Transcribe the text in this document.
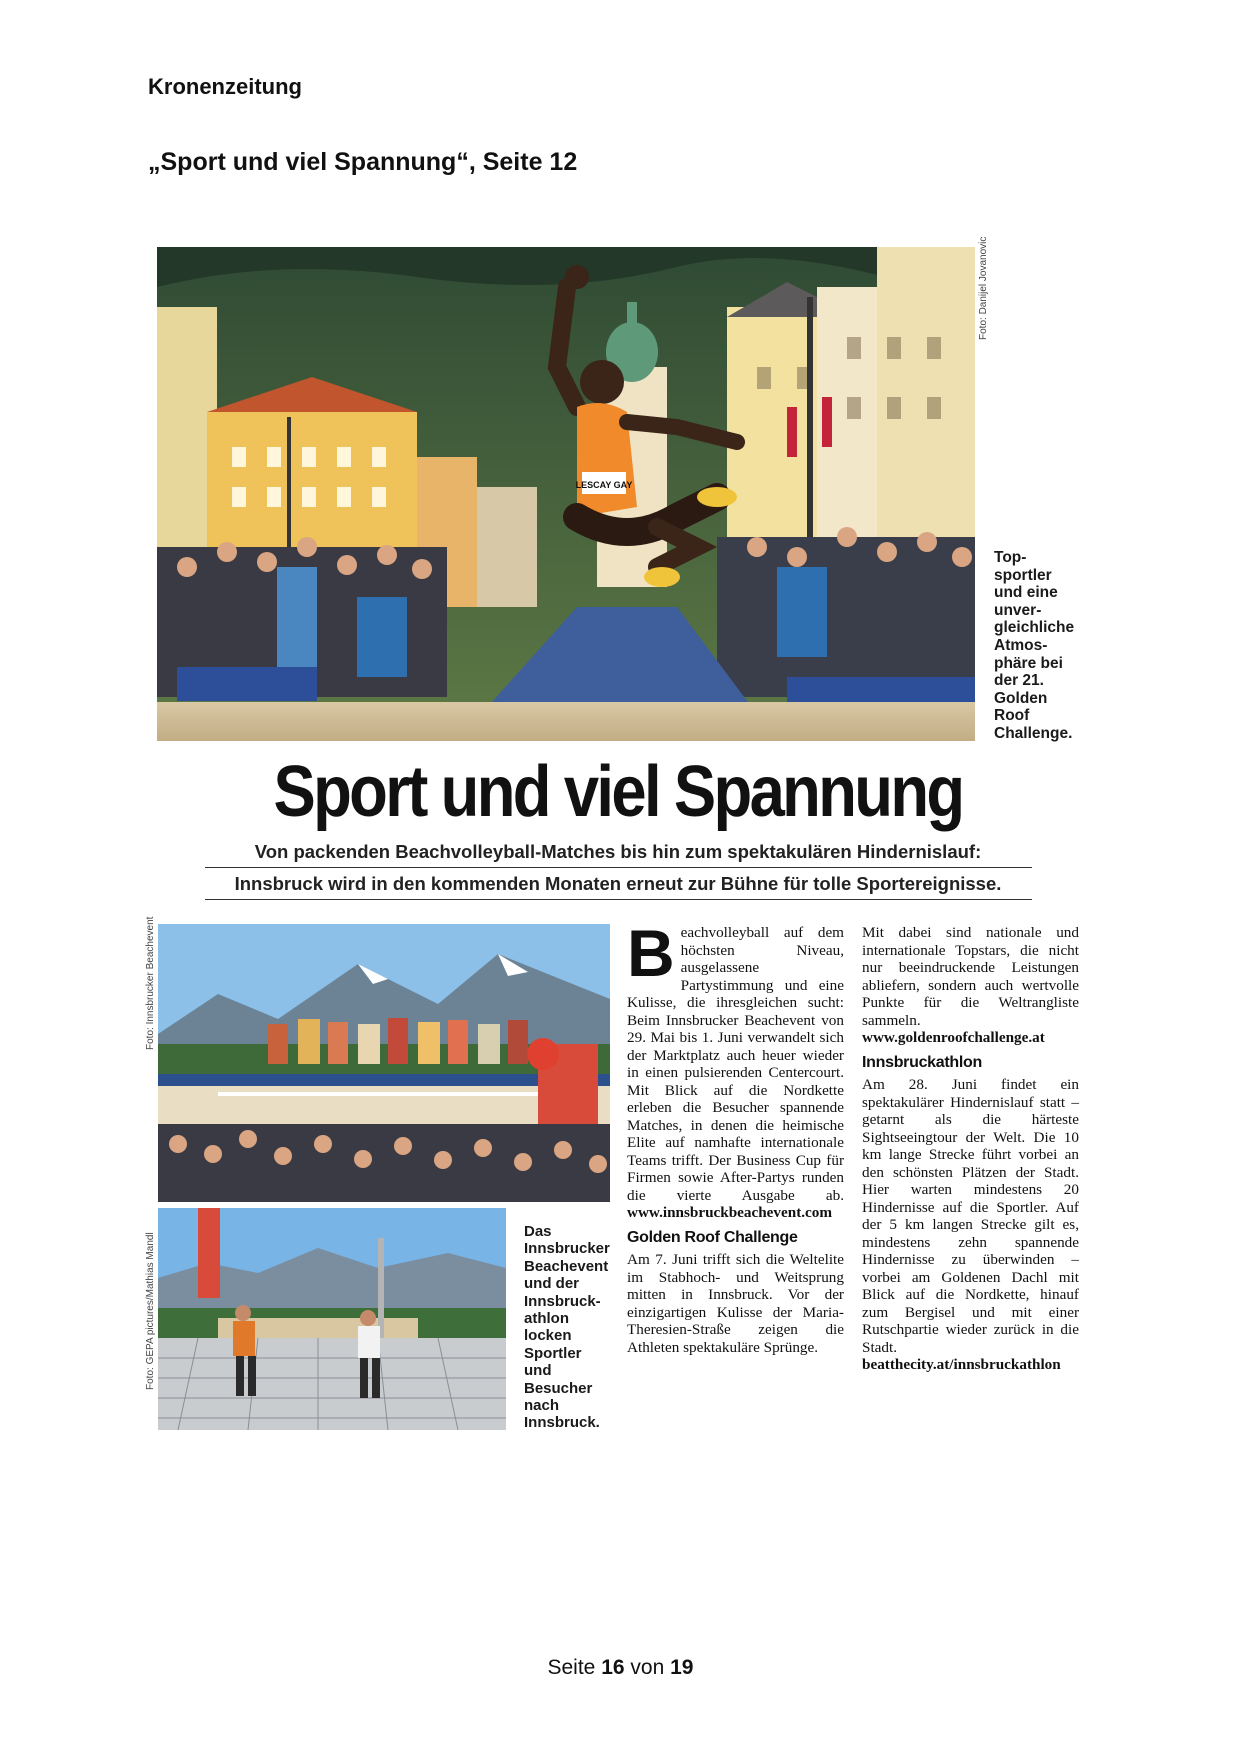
Kronenzeitung
„Sport und viel Spannung“, Seite 12
LESCAY GAY
Foto: Danijel Jovanovic
Top-
sportler
und eine
unver-
gleichliche
Atmos-
phäre bei
der 21.
Golden
Roof
Challenge.
Sport und viel Spannung
Von packenden Beachvolleyball-Matches bis hin zum spektakulären Hindernislauf:
Innsbruck wird in den kommenden Monaten erneut zur Bühne für tolle Sportereignisse.
Foto: Innsbrucker Beachevent
Foto: GEPA pictures/Mathias Mandl
Das
Innsbrucker
Beachevent
und der
Innsbruck-
athlon
locken
Sportler
und
Besucher
nach
Innsbruck.
B eachvolleyball auf dem höchsten Niveau, ausgelassene Partystimmung und eine Kulisse, die ihresgleichen sucht: Beim Innsbrucker Beachevent von 29. Mai bis 1. Juni verwandelt sich der Marktplatz auch heuer wieder in einen pulsierenden Centercourt. Mit Blick auf die Nordkette erleben die Besucher spannende Matches, in denen die heimische Elite auf namhafte internationale Teams trifft. Der Business Cup für Firmen sowie After-Partys runden die vierte Ausgabe ab. www.innsbruckbeachevent.com

Golden Roof Challenge

Am 7. Juni trifft sich die Weltelite im Stabhoch- und Weitsprung mitten in Innsbruck. Vor der einzigartigen Kulisse der Maria-Theresien-Straße zeigen die Athleten spektakuläre Sprünge.

Mit dabei sind nationale und internationale Topstars, die nicht nur beeindruckende Leistungen abliefern, sondern auch wertvolle Punkte für die Weltrangliste sammeln. www.goldenroofchallenge.at

Innsbruckathlon

Am 28. Juni findet ein spektakulärer Hindernislauf statt – getarnt als die härteste Sightseeingtour der Welt. Die 10 km lange Strecke führt vorbei an den schönsten Plätzen der Stadt. Hier warten mindestens 20 Hindernisse auf die Sportler. Auf der 5 km langen Strecke gilt es, mindestens zehn spannende Hindernisse zu überwinden – vorbei am Goldenen Dachl mit Blick auf die Nordkette, hinauf zum Bergisel und mit einer Rutschpartie wieder zurück in die Stadt. beatthecity.at/innsbruckathlon

Seite 16 von 19
